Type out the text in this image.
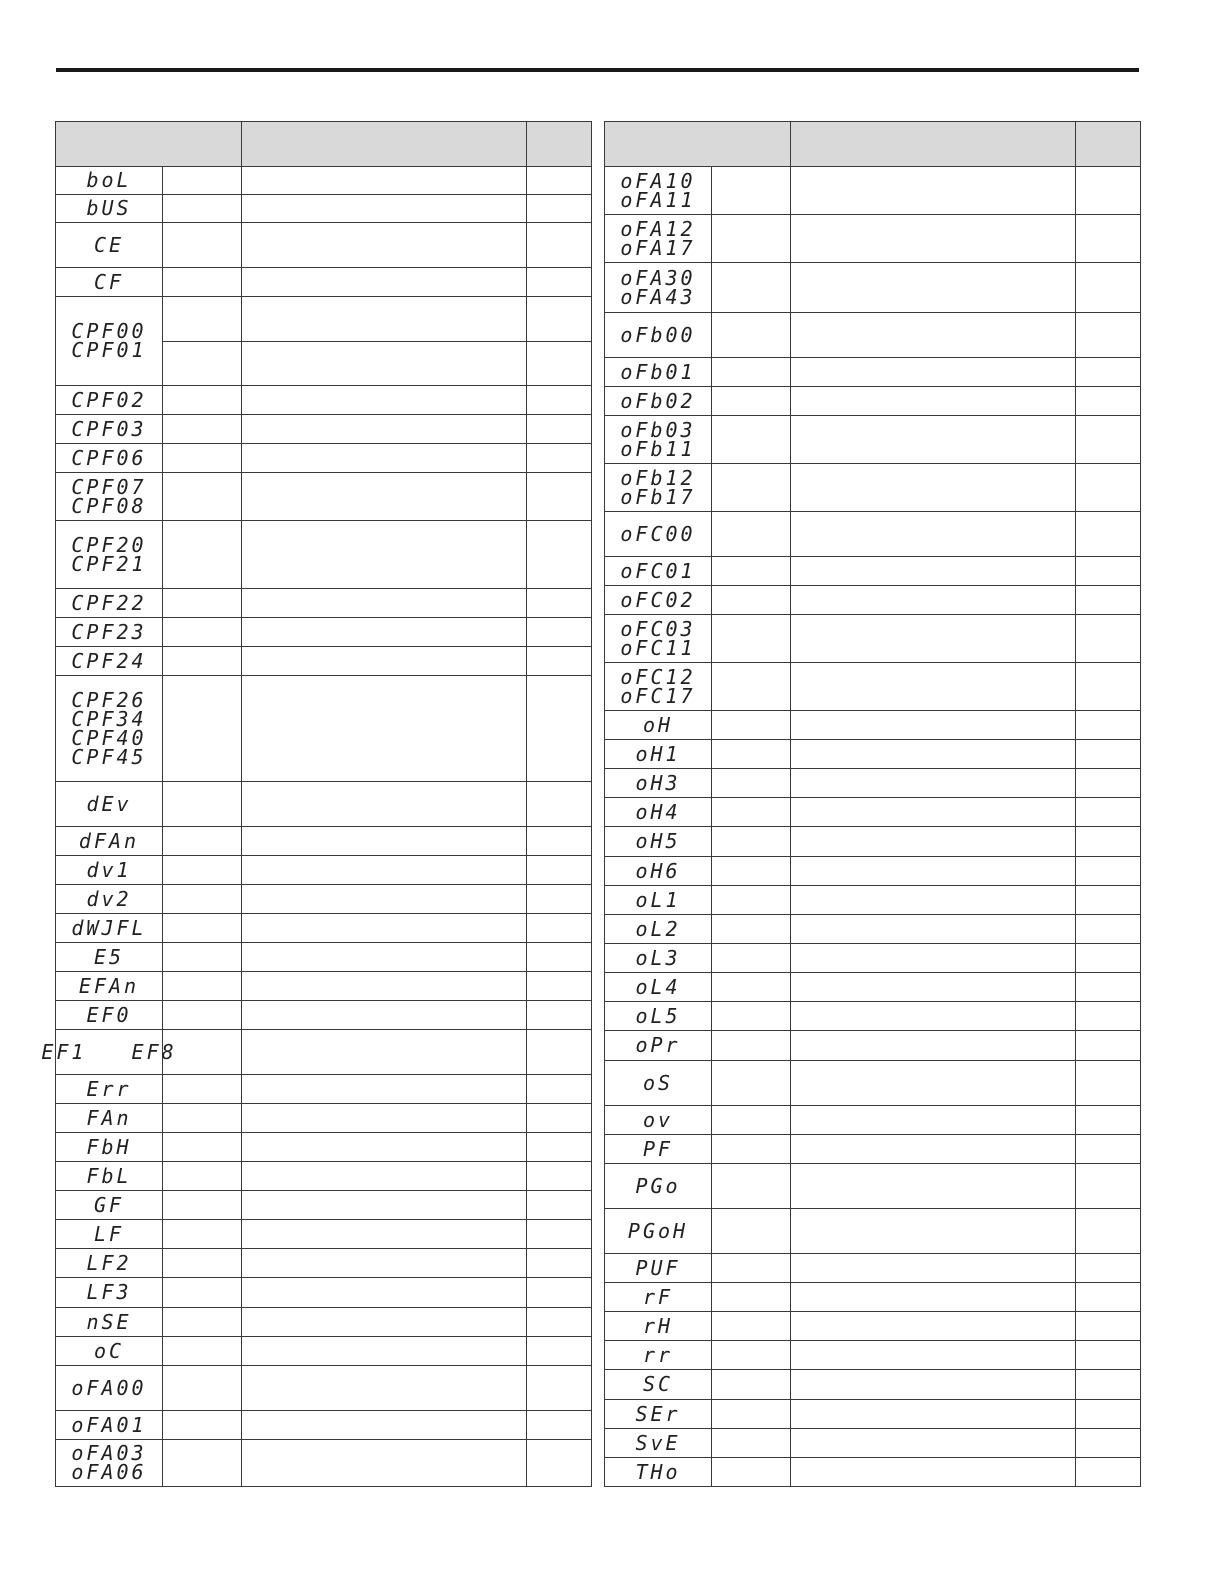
boL
bUS
CE
CF
CPF00
CPF01
CPF02
CPF03
CPF06
CPF07
CPF08
CPF20
CPF21
CPF22
CPF23
CPF24
CPF26
CPF34
CPF40
CPF45
dEv
dFAn
dv1
dv2
dWJFL
E5
EFAn
EF0
EF1   EF8
Err
FAn
FbH
FbL
GF
LF
LF2
LF3
nSE
oC
oFA00
oFA01
oFA03
oFA06
oFA10
oFA11
oFA12
oFA17
oFA30
oFA43
oFb00
oFb01
oFb02
oFb03
oFb11
oFb12
oFb17
oFC00
oFC01
oFC02
oFC03
oFC11
oFC12
oFC17
oH
oH1
oH3
oH4
oH5
oH6
oL1
oL2
oL3
oL4
oL5
oPr
oS
ov
PF
PGo
PGoH
PUF
rF
rH
rr
SC
SEr
SvE
THo
